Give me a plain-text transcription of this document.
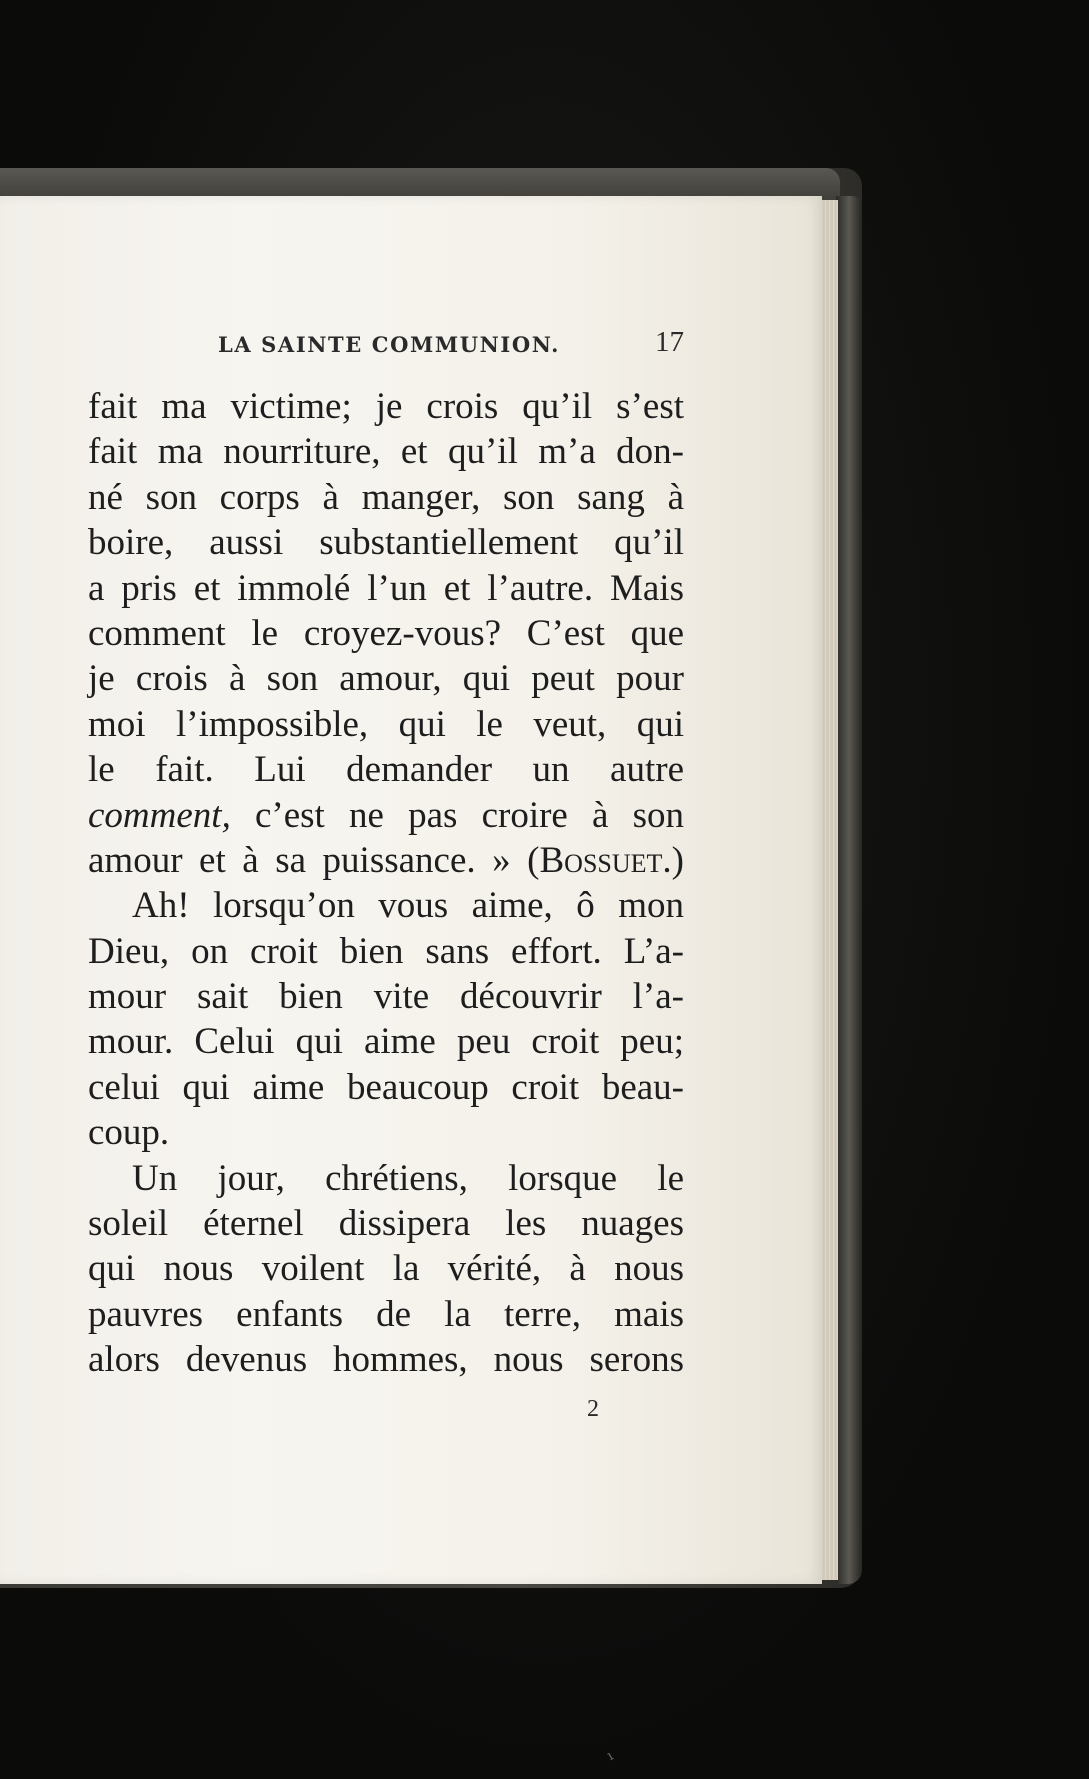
LA SAINTE COMMUNION.	17
fait ma victime; je crois qu’il s’est
fait ma nourriture, et qu’il m’a don-
né son corps à manger, son sang à
boire, aussi substantiellement qu’il
a pris et immolé l’un et l’autre. Mais
comment le croyez-vous? C’est que
je crois à son amour, qui peut pour
moi l’impossible, qui le veut, qui
le fait. Lui demander un autre
comment, c’est ne pas croire à son
amour et à sa puissance. » (Bossuet.)
Ah! lorsqu’on vous aime, ô mon
Dieu, on croit bien sans effort. L’a-
mour sait bien vite découvrir l’a-
mour. Celui qui aime peu croit peu;
celui qui aime beaucoup croit beau-
coup.
Un jour, chrétiens, lorsque le
soleil éternel dissipera les nuages
qui nous voilent la vérité, à nous
pauvres enfants de la terre, mais
alors devenus hommes, nous serons
2
ı
